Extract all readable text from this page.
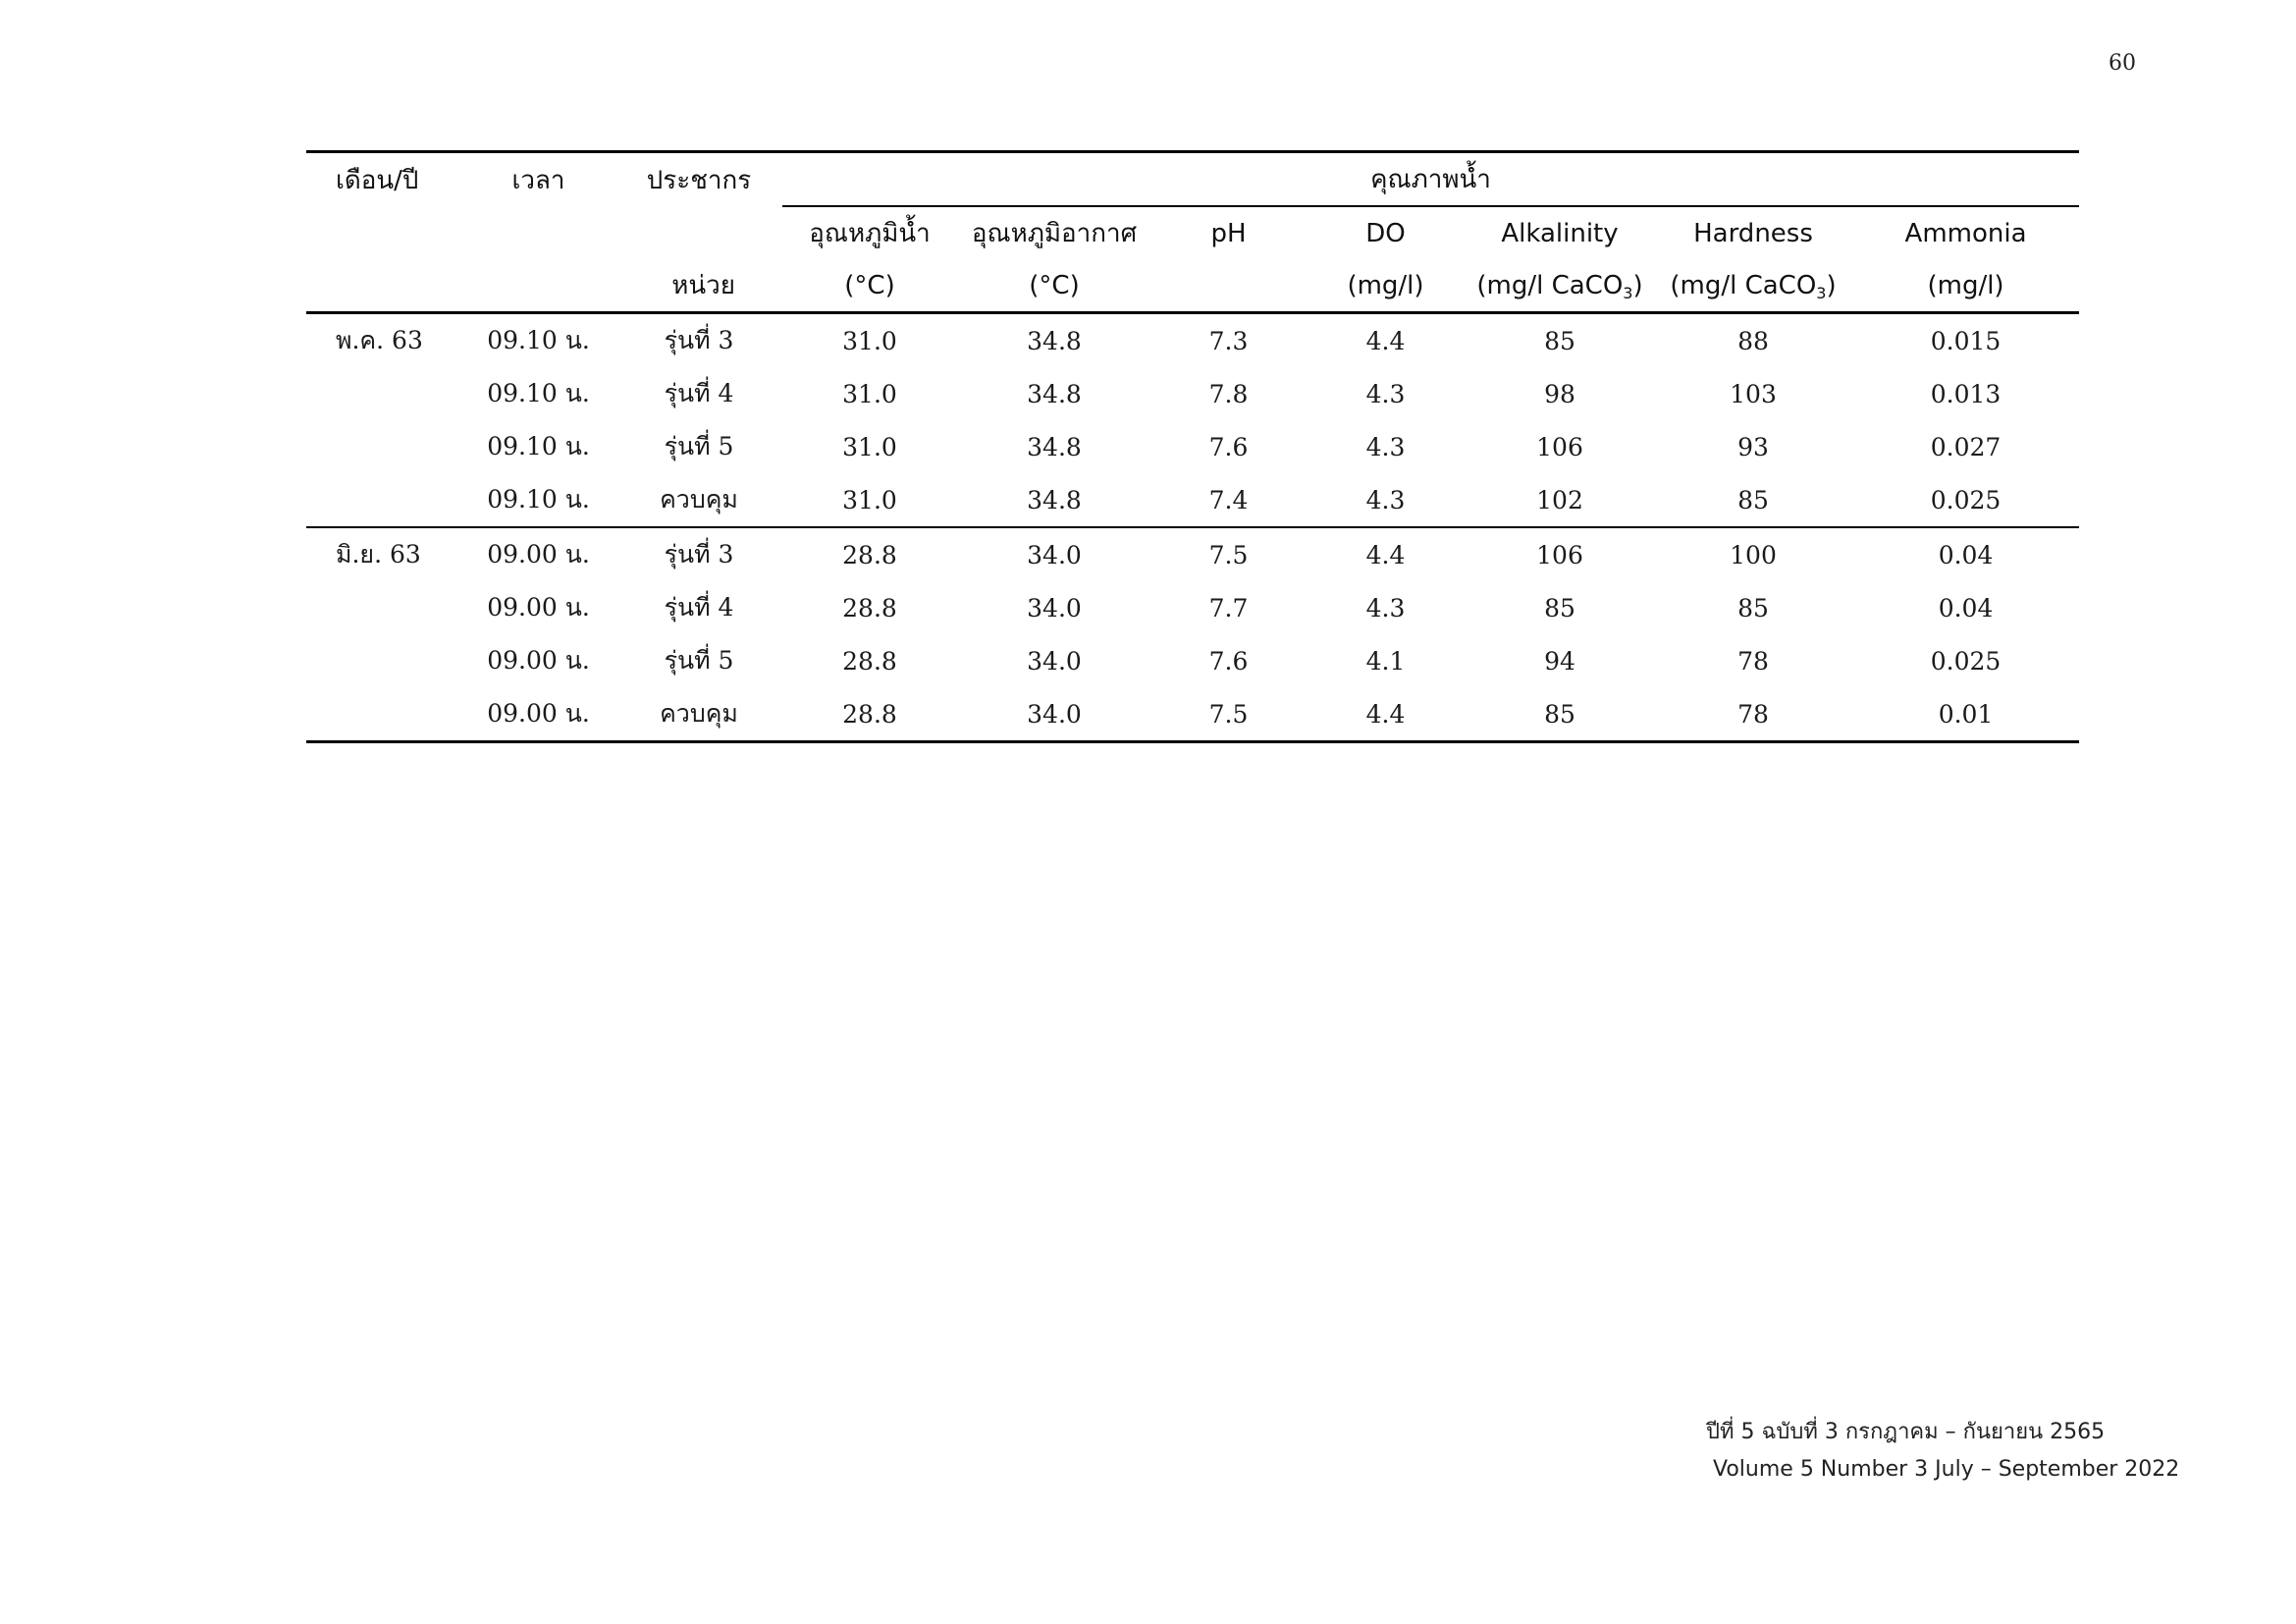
60
เดือน/ปี	เวลา	ประชากร	คุณภาพน้ำ						
			อุณหภูมิน้ำ	อุณหภูมิอากาศ	pH	DO	Alkalinity	Hardness	Ammonia
		หน่วย	(°C)	(°C)		(mg/l)	(mg/l CaCO$_3$)	(mg/l CaCO$_3$)	(mg/l)
พ.ค. 63	09.10 น.	รุ่นที่ 3	31.0	34.8	7.3	4.4	85	88	0.015
	09.10 น.	รุ่นที่ 4	31.0	34.8	7.8	4.3	98	103	0.013
	09.10 น.	รุ่นที่ 5	31.0	34.8	7.6	4.3	106	93	0.027
	09.10 น.	ควบคุม	31.0	34.8	7.4	4.3	102	85	0.025
มิ.ย. 63	09.00 น.	รุ่นที่ 3	28.8	34.0	7.5	4.4	106	100	0.04
	09.00 น.	รุ่นที่ 4	28.8	34.0	7.7	4.3	85	85	0.04
	09.00 น.	รุ่นที่ 5	28.8	34.0	7.6	4.1	94	78	0.025
	09.00 น.	ควบคุม	28.8	34.0	7.5	4.4	85	78	0.01
ปีที่ 5 ฉบับที่ 3 กรกฎาคม – กันยายน 2565
Volume 5 Number 3 July – September 2022
